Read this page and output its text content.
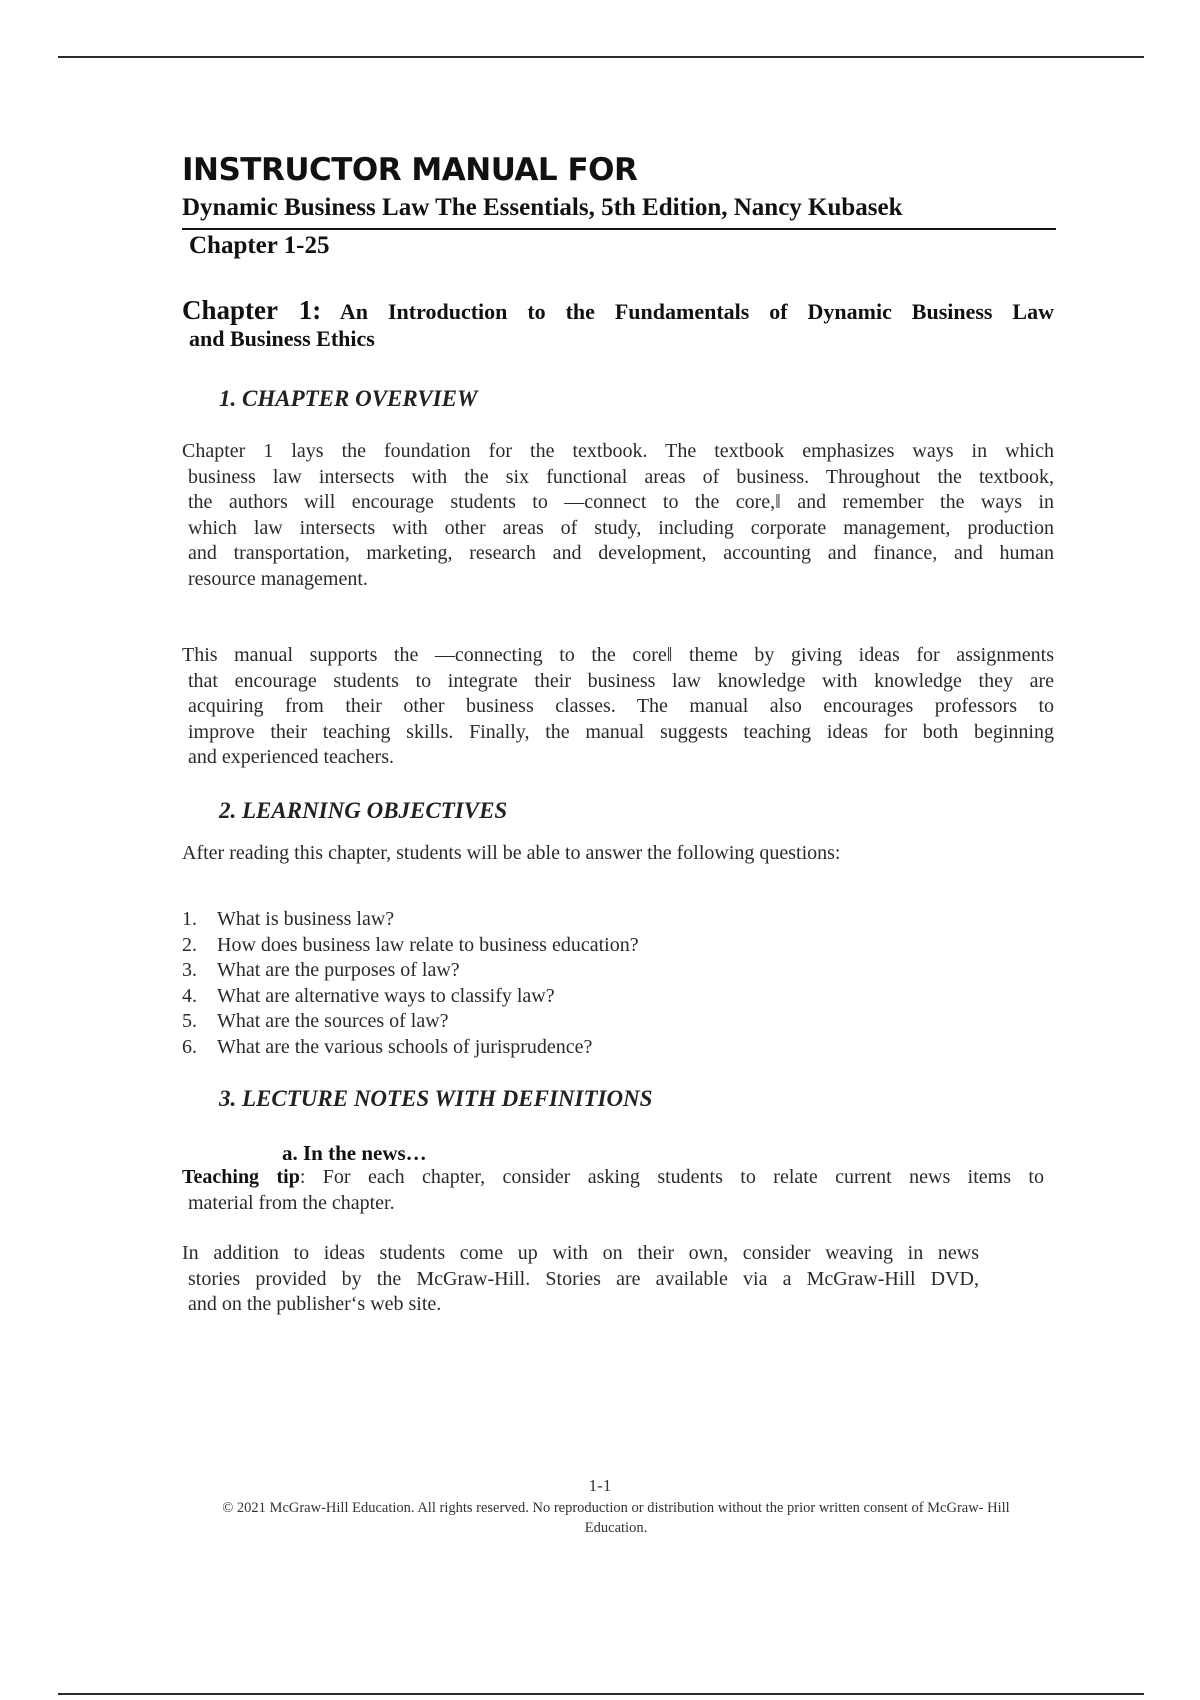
INSTRUCTOR MANUAL FOR
Dynamic Business Law The Essentials, 5th Edition, Nancy Kubasek
Chapter 1-25
Chapter 1: An Introduction to the Fundamentals of Dynamic Business Law
and Business Ethics
1. CHAPTER OVERVIEW
Chapter 1 lays the foundation for the textbook. The textbook emphasizes ways in which
business law intersects with the six functional areas of business. Throughout the textbook,
the authors will encourage students to ―connect to the core,‖ and remember the ways in
which law intersects with other areas of study, including corporate management, production
and transportation, marketing, research and development, accounting and finance, and human
resource management.
This manual supports the ―connecting to the core‖ theme by giving ideas for assignments
that encourage students to integrate their business law knowledge with knowledge they are
acquiring from their other business classes. The manual also encourages professors to
improve their teaching skills. Finally, the manual suggests teaching ideas for both beginning
and experienced teachers.
2. LEARNING OBJECTIVES

After reading this chapter, students will be able to answer the following questions:

1.	What is business law?
2.	How does business law relate to business education?
3.	What are the purposes of law?
4.	What are alternative ways to classify law?
5.	What are the sources of law?
6.	What are the various schools of jurisprudence?
3. LECTURE NOTES WITH DEFINITIONS
a. In the news…
Teaching tip: For each chapter, consider asking students to relate current news items to
material from the chapter.
In addition to ideas students come up with on their own, consider weaving in news
stories provided by the McGraw-Hill. Stories are available via a McGraw-Hill DVD,
and on the publisher‘s web site.
1-1
© 2021 McGraw-Hill Education. All rights reserved. No reproduction or distribution without the prior written consent of McGraw- Hill Education.
